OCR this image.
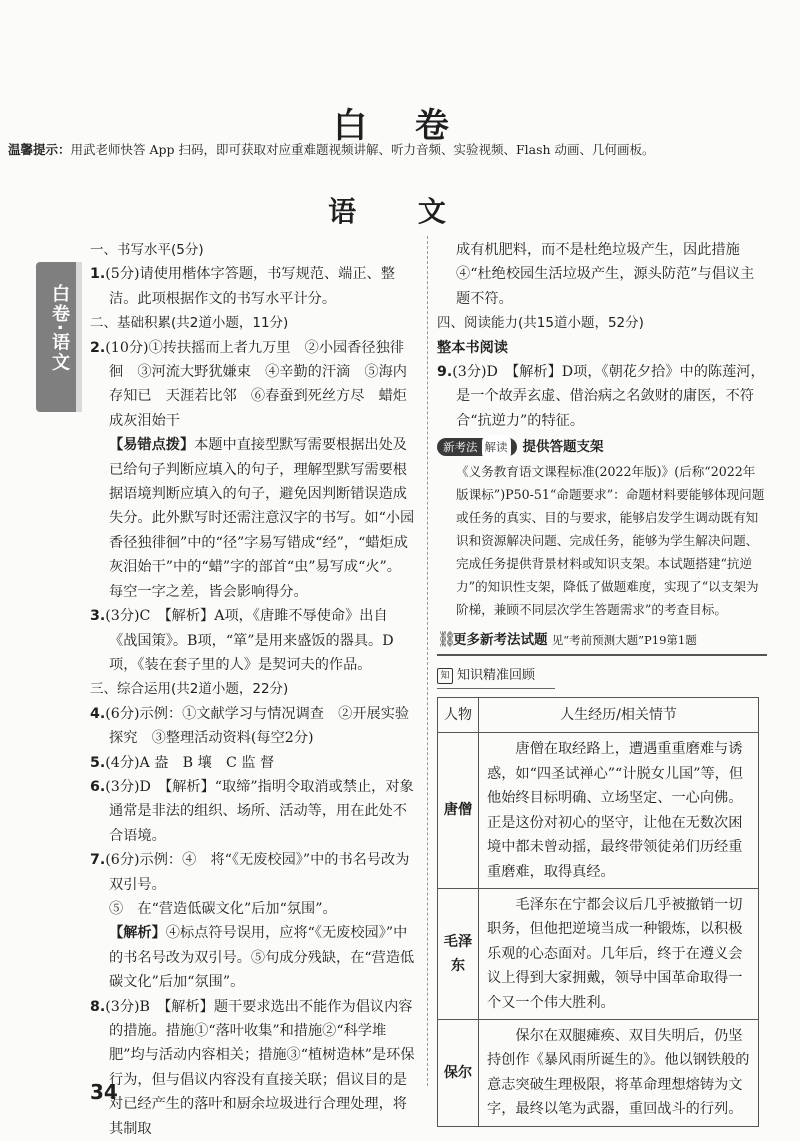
白 卷
温馨提示：用武老师快答 App 扫码，即可获取对应重难题视频讲解、听力音频、实验视频、Flash 动画、几何画板。
语 文
白卷·语文

一、书写水平(5分)

1.(5分)请使用楷体字答题，书写规范、端正、整洁。此项根据作文的书写水平计分。

二、基础积累(共2道小题，11分)

2.(10分)①抟扶摇而上者九万里　②小园香径独徘徊　③河流大野犹嫌束　④辛勤的汗滴　⑤海内存知已　天涯若比邻　⑥春蚕到死丝方尽　蜡炬成灰泪始干

【易错点拨】本题中直接型默写需要根据出处及已给句子判断应填入的句子，理解型默写需要根据语境判断应填入的句子，避免因判断错误造成失分。此外默写时还需注意汉字的书写。如“小园香径独徘徊”中的“径”字易写错成“经”，“蜡炬成灰泪始干”中的“蜡”字的部首“虫”易写成“火”。每空一字之差，皆会影响得分。

3.(3分)C　【解析】A项，《唐雎不辱使命》出自《战国策》。B项，“箪”是用来盛饭的器具。D项，《装在套子里的人》是契诃夫的作品。

三、综合运用(共2道小题，22分)

4.(6分)示例：①文献学习与情况调查　②开展实验探究　③整理活动资料(每空2分)

5.(4分)A 盎　B 壤　C 监 督

6.(3分)D　【解析】“取缔”指明令取消或禁止，对象通常是非法的组织、场所、活动等，用在此处不合语境。

7.(6分)示例：④　将“《无废校园》”中的书名号改为双引号。

⑤　在“营造低碳文化”后加“氛围”。

【解析】④标点符号误用，应将“《无废校园》”中的书名号改为双引号。⑤句成分残缺，在“营造低碳文化”后加“氛围”。

8.(3分)B　【解析】题干要求选出不能作为倡议内容的措施。措施①“落叶收集”和措施②“科学堆肥”均与活动内容相关；措施③“植树造林”是环保行为，但与倡议内容没有直接关联；倡议目的是对已经产生的落叶和厨余垃圾进行合理处理，将其制取

成有机肥料，而不是杜绝垃圾产生，因此措施④“杜绝校园生活垃圾产生，源头防范”与倡议主题不符。

四、阅读能力(共15道小题，52分)

整本书阅读

9.(3分)D　【解析】D项，《朝花夕拾》中的陈莲河，是一个故弄玄虚、借治病之名敛财的庸医，不符合“抗逆力”的特征。

新考法 解读 提供答题支架

《义务教育语文课程标准(2022年版)》(后称“2022年版课标”)P50-51“命题要求”：命题材料要能够体现问题或任务的真实、目的与要求，能够启发学生调动既有知识和资源解决问题、完成任务，能够为学生解决问题、完成任务提供背景材料或知识支架。本试题搭建“抗逆力”的知识性支架，降低了做题难度，实现了“以支架为阶梯，兼顾不同层次学生答题需求”的考查目标。

⛓更多新考法试题 见“考前预测大题”P19第1题
知 知识精准回顾
人物	人生经历/相关情节
唐僧	唐僧在取经路上，遭遇重重磨难与诱惑，如“四圣试禅心”“计脱女儿国”等，但他始终目标明确、立场坚定、一心向佛。正是这份对初心的坚守，让他在无数次困境中都未曾动摇，最终带领徒弟们历经重重磨难，取得真经。
毛泽东	毛泽东在宁都会议后几乎被撤销一切职务，但他把逆境当成一种锻炼，以积极乐观的心态面对。几年后，终于在遵义会议上得到大家拥戴，领导中国革命取得一个又一个伟大胜利。
保尔	保尔在双腿瘫痪、双目失明后，仍坚持创作《暴风雨所诞生的》。他以钢铁般的意志突破生理极限，将革命理想熔铸为文字，最终以笔为武器，重回战斗的行列。
34
